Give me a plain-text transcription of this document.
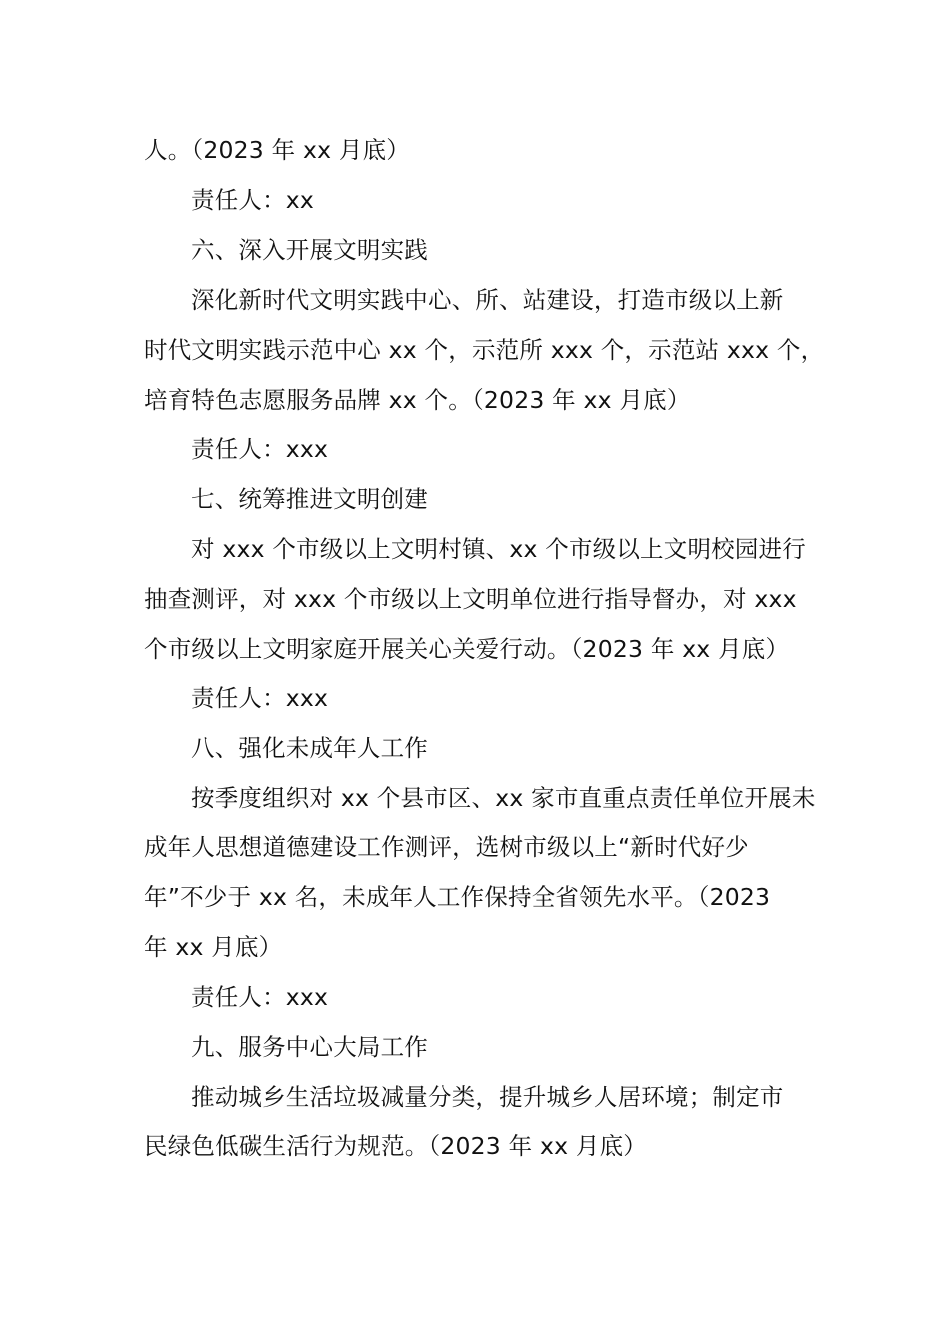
人。（2023 年 xx 月底）
责任人：xx
六、深入开展文明实践
深化新时代文明实践中心、所、站建设，打造市级以上新
时代文明实践示范中心 xx 个，示范所 xxx 个，示范站 xxx 个，
培育特色志愿服务品牌 xx 个。（2023 年 xx 月底）
责任人：xxx
七、统筹推进文明创建
对 xxx 个市级以上文明村镇、xx 个市级以上文明校园进行
抽查测评，对 xxx 个市级以上文明单位进行指导督办，对 xxx
个市级以上文明家庭开展关心关爱行动。（2023 年 xx 月底）
责任人：xxx
八、强化未成年人工作
按季度组织对 xx 个县市区、xx 家市直重点责任单位开展未
成年人思想道德建设工作测评，选树市级以上“新时代好少
年”不少于 xx 名，未成年人工作保持全省领先水平。（2023
年 xx 月底）
责任人：xxx
九、服务中心大局工作
推动城乡生活垃圾减量分类，提升城乡人居环境；制定市
民绿色低碳生活行为规范。（2023 年 xx 月底）
